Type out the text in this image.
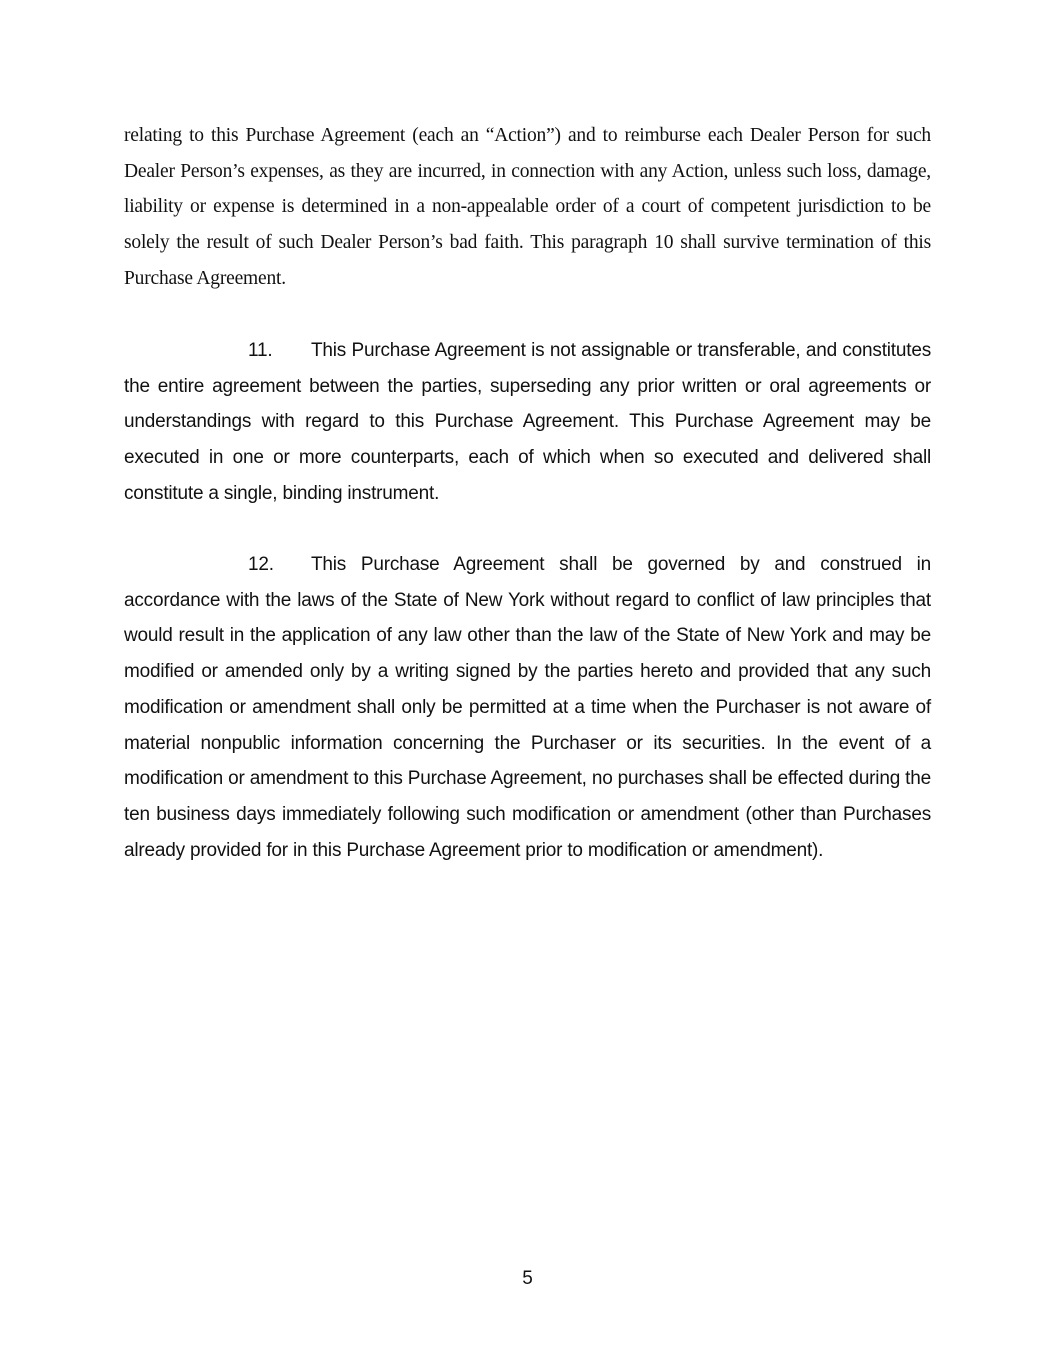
relating to this Purchase Agreement (each an “Action”) and to reimburse each Dealer Person for such Dealer Person’s expenses, as they are incurred, in connection with any Action, unless such loss, damage, liability or expense is determined in a non-appealable order of a court of competent jurisdiction to be solely the result of such Dealer Person’s bad faith. This paragraph 10 shall survive termination of this Purchase Agreement.

11. This Purchase Agreement is not assignable or transferable, and constitutes the entire agreement between the parties, superseding any prior written or oral agreements or understandings with regard to this Purchase Agreement. This Purchase Agreement may be executed in one or more counterparts, each of which when so executed and delivered shall constitute a single, binding instrument.

12. This Purchase Agreement shall be governed by and construed in accordance with the laws of the State of New York without regard to conflict of law principles that would result in the application of any law other than the law of the State of New York and may be modified or amended only by a writing signed by the parties hereto and provided that any such modification or amendment shall only be permitted at a time when the Purchaser is not aware of material nonpublic information concerning the Purchaser or its securities. In the event of a modification or amendment to this Purchase Agreement, no purchases shall be effected during the ten business days immediately following such modification or amendment (other than Purchases already provided for in this Purchase Agreement prior to modification or amendment).

5
